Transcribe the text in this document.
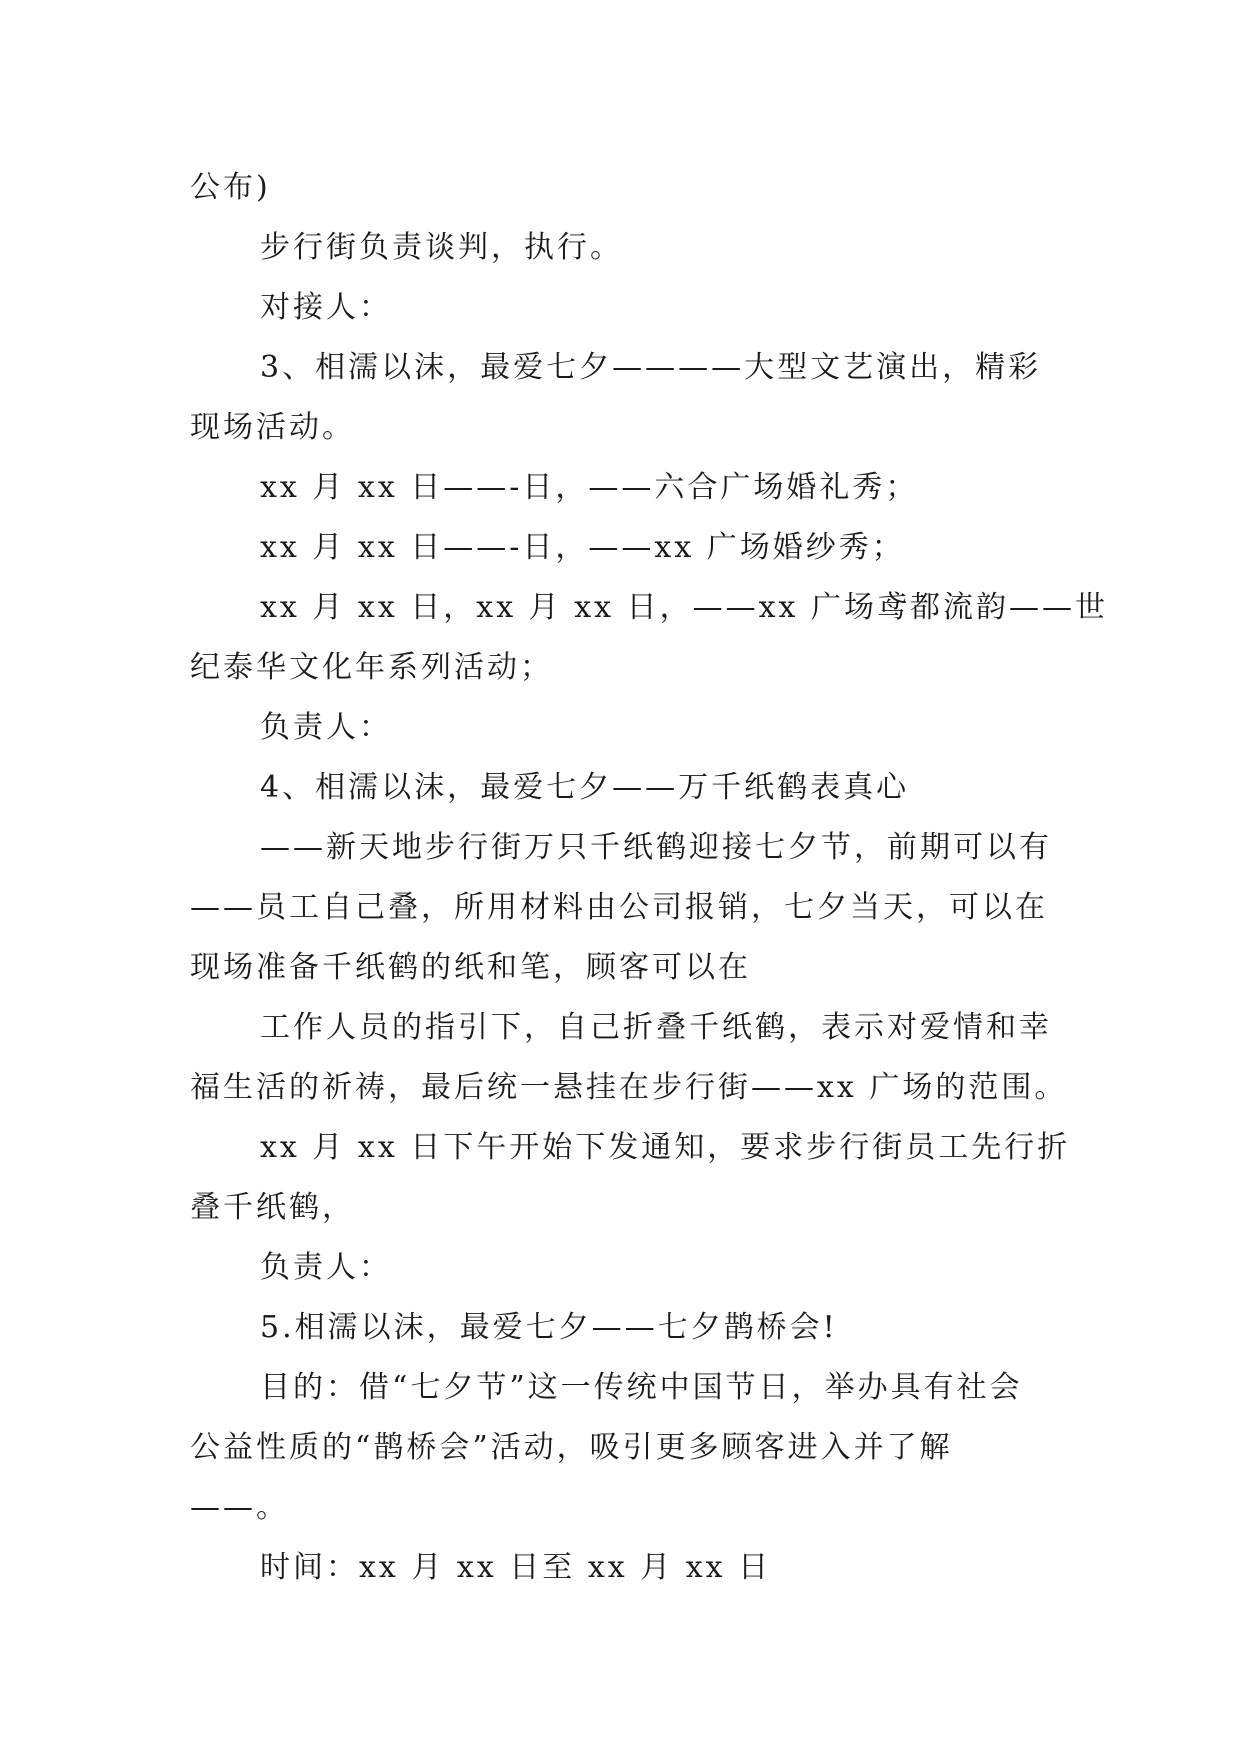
公布)

步行街负责谈判，执行。

对接人：

3、相濡以沫，最爱七夕————大型文艺演出，精彩

现场活动。

xx 月 xx 日——-日，——六合广场婚礼秀；

xx 月 xx 日——-日，——xx 广场婚纱秀；

xx 月 xx 日，xx 月 xx 日，——xx 广场鸢都流韵——世

纪泰华文化年系列活动；

负责人：

4、相濡以沫，最爱七夕——万千纸鹤表真心

——新天地步行街万只千纸鹤迎接七夕节，前期可以有

——员工自己叠，所用材料由公司报销，七夕当天，可以在

现场准备千纸鹤的纸和笔，顾客可以在

工作人员的指引下，自己折叠千纸鹤，表示对爱情和幸

福生活的祈祷，最后统一悬挂在步行街——xx 广场的范围。

xx 月 xx 日下午开始下发通知，要求步行街员工先行折

叠千纸鹤，

负责人：

5.相濡以沫，最爱七夕——七夕鹊桥会!

目的：借“七夕节”这一传统中国节日，举办具有社会

公益性质的“鹊桥会”活动，吸引更多顾客进入并了解

——。

时间：xx 月 xx 日至 xx 月 xx 日
